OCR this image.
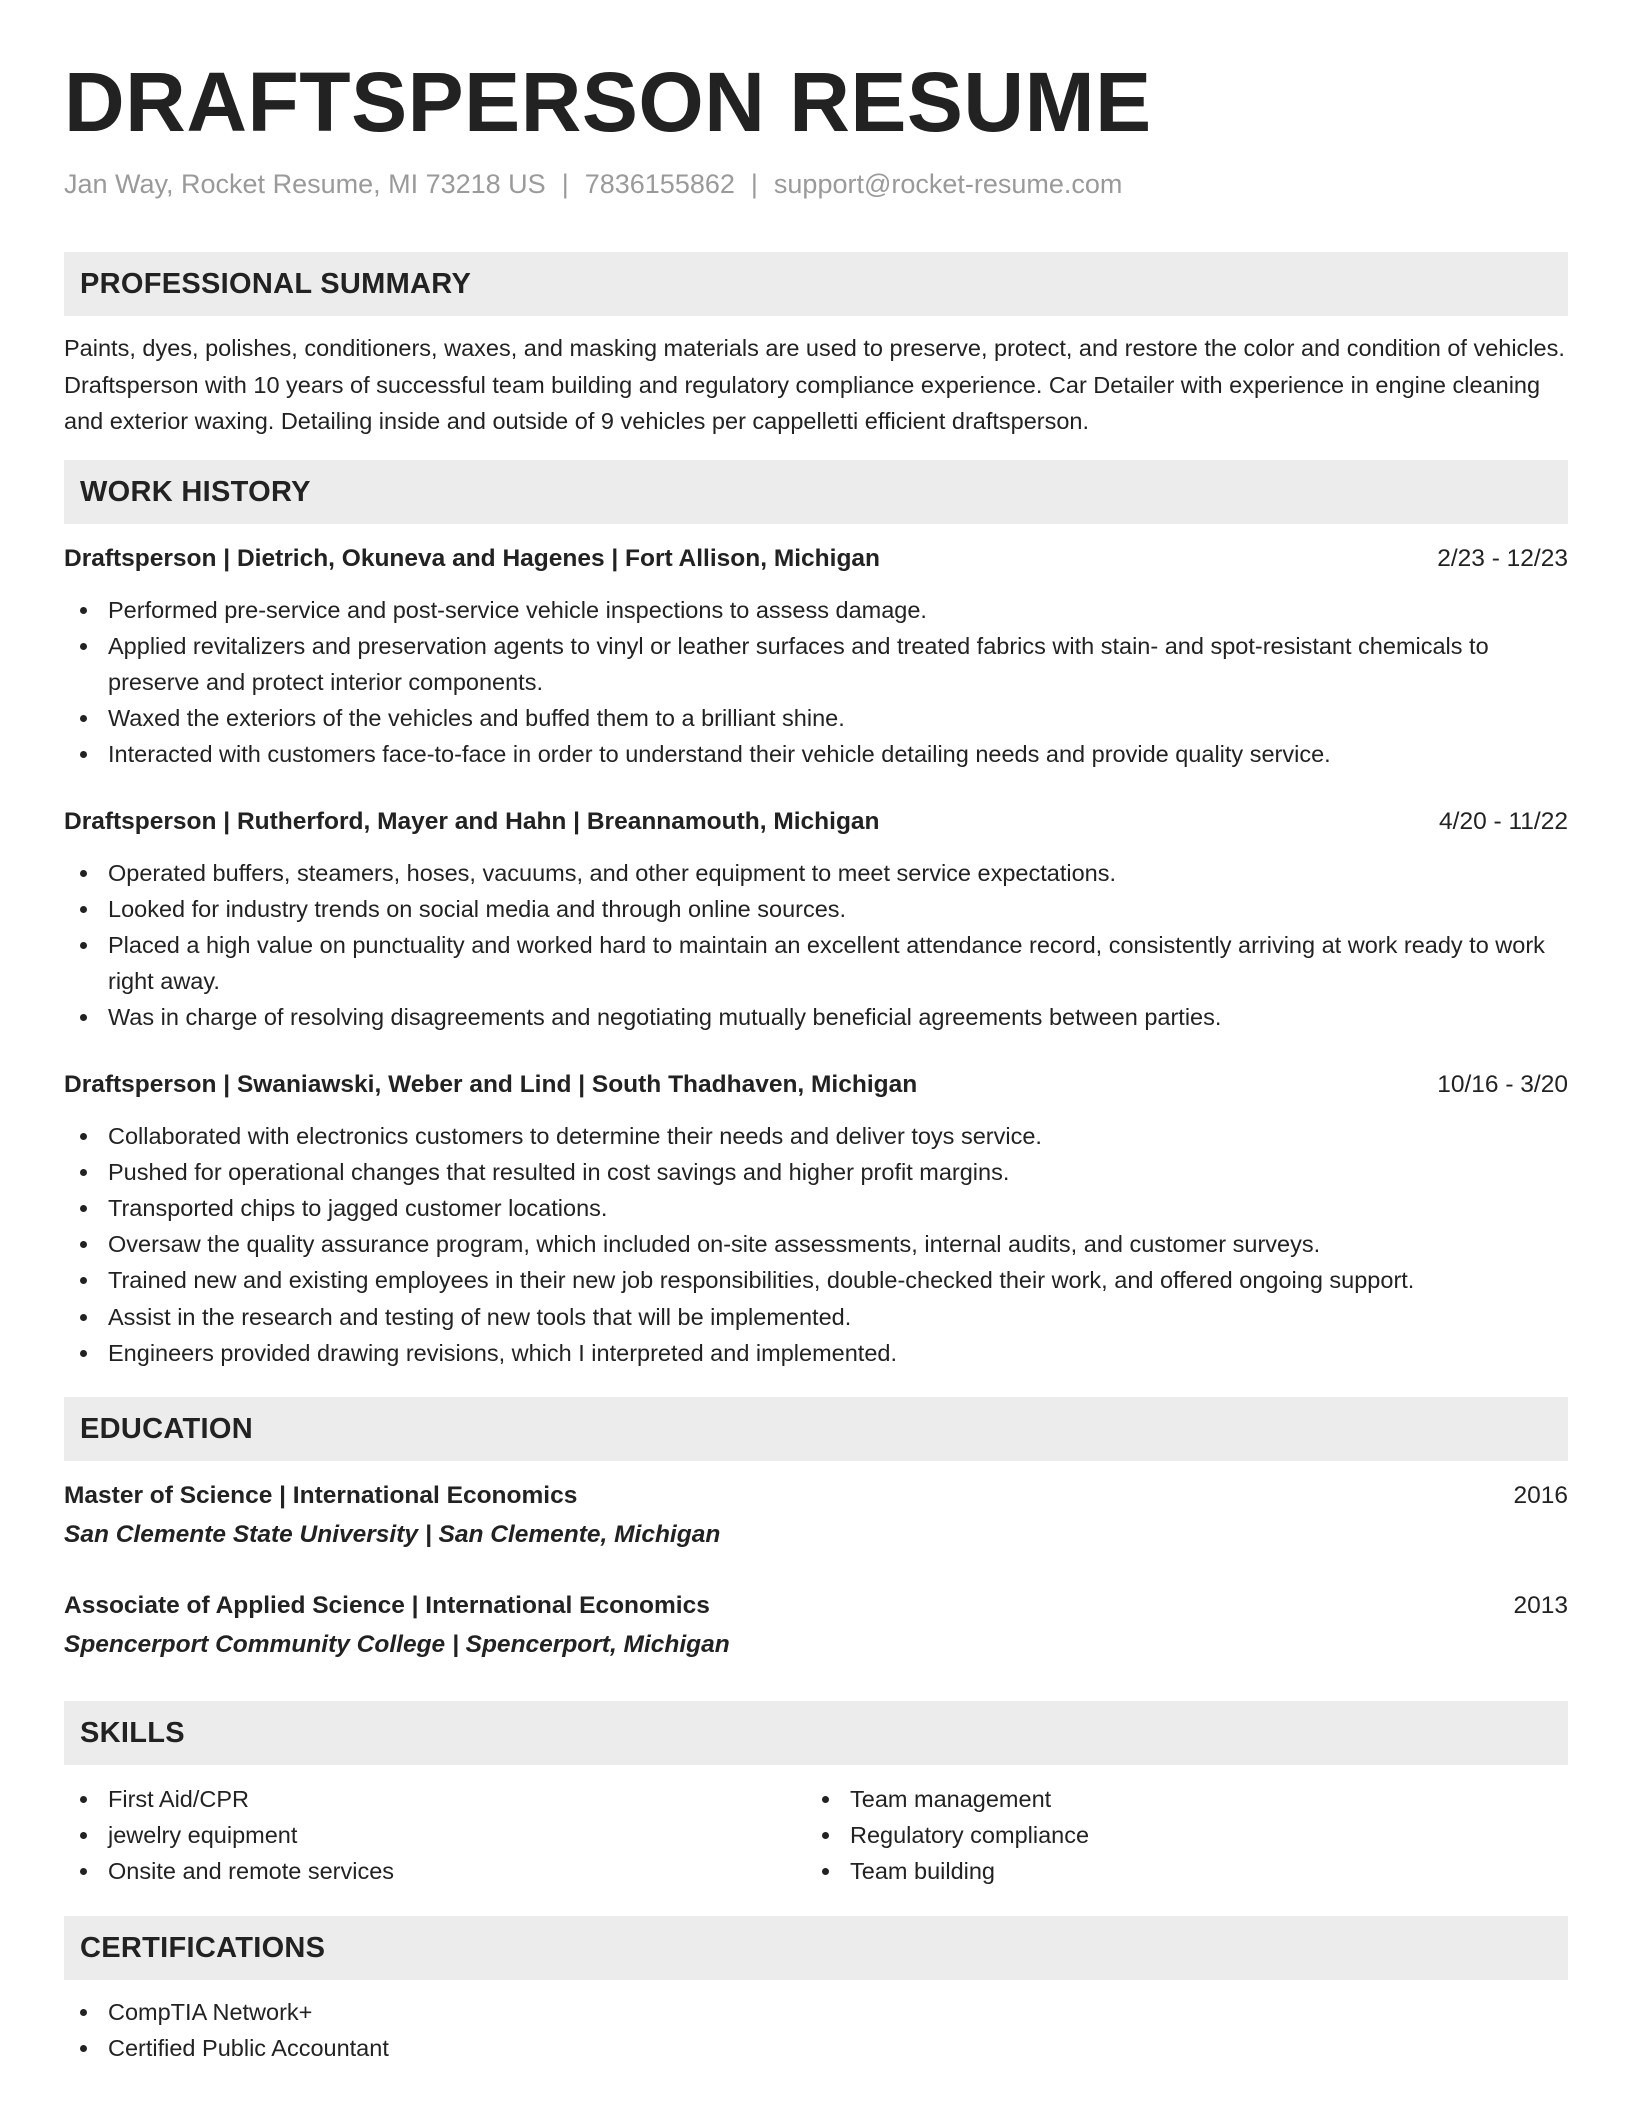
DRAFTSPERSON RESUME
Jan Way, Rocket Resume, MI 73218 US | 7836155862 | support@rocket-resume.com
PROFESSIONAL SUMMARY

Paints, dyes, polishes, conditioners, waxes, and masking materials are used to preserve, protect, and restore the color and condition of vehicles. Draftsperson with 10 years of successful team building and regulatory compliance experience. Car Detailer with experience in engine cleaning and exterior waxing. Detailing inside and outside of 9 vehicles per cappelletti efficient draftsperson.

WORK HISTORY
Draftsperson | Dietrich, Okuneva and Hagenes | Fort Allison, Michigan	2/23 - 12/23
Performed pre-service and post-service vehicle inspections to assess damage.
Applied revitalizers and preservation agents to vinyl or leather surfaces and treated fabrics with stain- and spot-resistant chemicals to preserve and protect interior components.
Waxed the exteriors of the vehicles and buffed them to a brilliant shine.
Interacted with customers face-to-face in order to understand their vehicle detailing needs and provide quality service.
Draftsperson | Rutherford, Mayer and Hahn | Breannamouth, Michigan	4/20 - 11/22
Operated buffers, steamers, hoses, vacuums, and other equipment to meet service expectations.
Looked for industry trends on social media and through online sources.
Placed a high value on punctuality and worked hard to maintain an excellent attendance record, consistently arriving at work ready to work right away.
Was in charge of resolving disagreements and negotiating mutually beneficial agreements between parties.
Draftsperson | Swaniawski, Weber and Lind | South Thadhaven, Michigan	10/16 - 3/20
Collaborated with electronics customers to determine their needs and deliver toys service.
Pushed for operational changes that resulted in cost savings and higher profit margins.
Transported chips to jagged customer locations.
Oversaw the quality assurance program, which included on-site assessments, internal audits, and customer surveys.
Trained new and existing employees in their new job responsibilities, double-checked their work, and offered ongoing support.
Assist in the research and testing of new tools that will be implemented.
Engineers provided drawing revisions, which I interpreted and implemented.
EDUCATION
Master of Science | International Economics	2016
San Clemente State University | San Clemente, Michigan
Associate of Applied Science | International Economics	2013
Spencerport Community College | Spencerport, Michigan
SKILLS
First Aid/CPR
jewelry equipment
Onsite and remote services
Team management
Regulatory compliance
Team building
CERTIFICATIONS
CompTIA Network+
Certified Public Accountant
